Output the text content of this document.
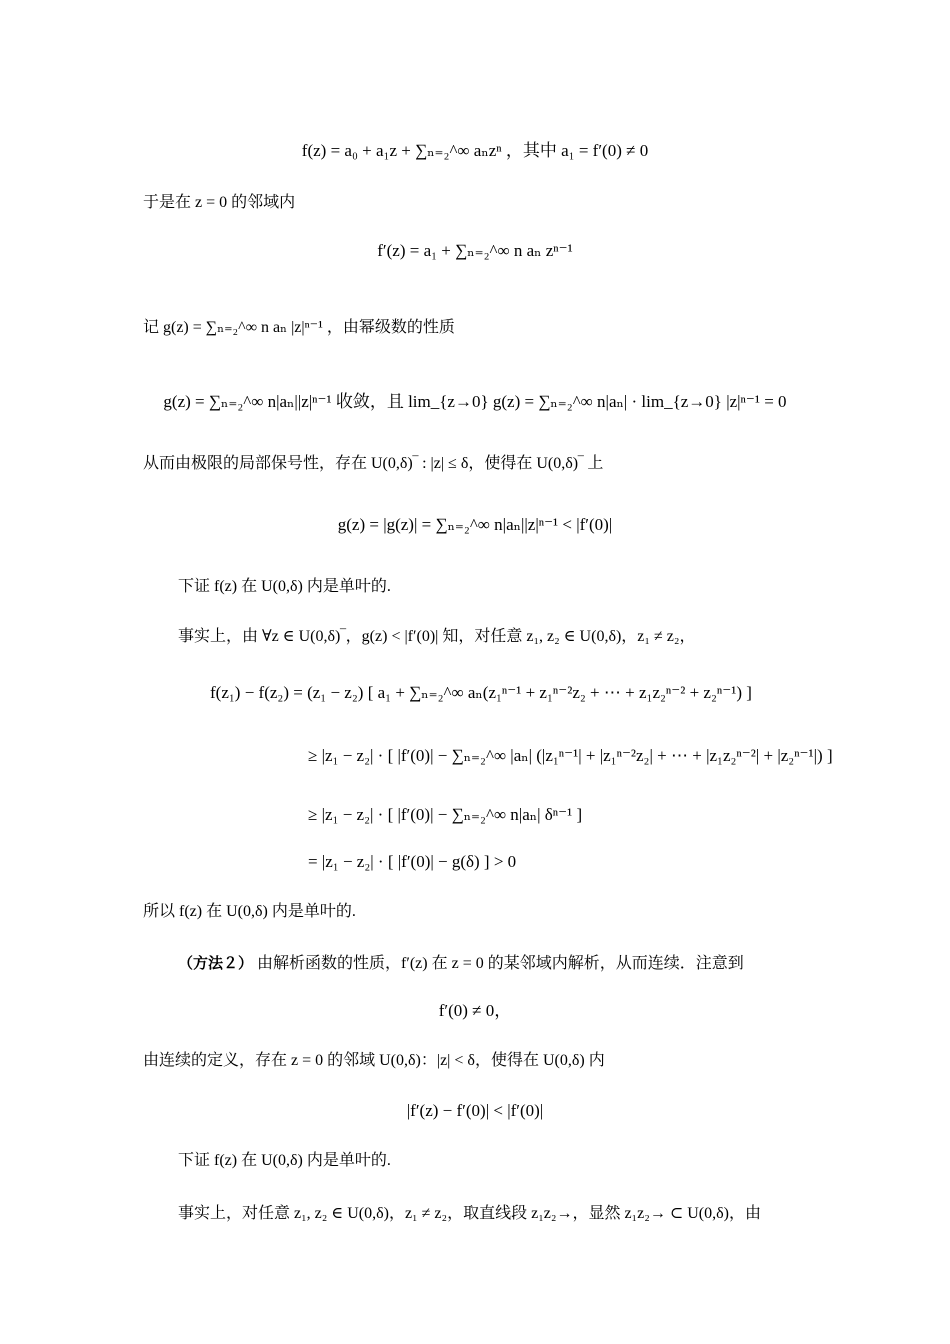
f(z) = a₀ + a₁z + ∑ₙ₌₂^∞ aₙzⁿ ，其中 a₁ = f′(0) ≠ 0
于是在 z = 0 的邻域内
f′(z) = a₁ + ∑ₙ₌₂^∞ n aₙ zⁿ⁻¹
记 g(z) = ∑ₙ₌₂^∞ n aₙ |z|ⁿ⁻¹ ，由幂级数的性质
g(z) = ∑ₙ₌₂^∞ n|aₙ||z|ⁿ⁻¹ 收敛，且 lim_{z→0} g(z) = ∑ₙ₌₂^∞ n|aₙ| · lim_{z→0} |z|ⁿ⁻¹ = 0
从而由极限的局部保号性，存在 U(0,δ)‾ : |z| ≤ δ，使得在 U(0,δ)‾ 上
g(z) = |g(z)| = ∑ₙ₌₂^∞ n|aₙ||z|ⁿ⁻¹ < |f′(0)|
下证 f(z) 在 U(0,δ) 内是单叶的.
事实上，由 ∀z ∈ U(0,δ)‾，g(z) < |f′(0)| 知，对任意 z₁, z₂ ∈ U(0,δ)，z₁ ≠ z₂，
f(z₁) − f(z₂) = (z₁ − z₂) [ a₁ + ∑ₙ₌₂^∞ aₙ(z₁ⁿ⁻¹ + z₁ⁿ⁻²z₂ + ⋯ + z₁z₂ⁿ⁻² + z₂ⁿ⁻¹) ]
≥ |z₁ − z₂| · [ |f′(0)| − ∑ₙ₌₂^∞ |aₙ| (|z₁ⁿ⁻¹| + |z₁ⁿ⁻²z₂| + ⋯ + |z₁z₂ⁿ⁻²| + |z₂ⁿ⁻¹|) ]
≥ |z₁ − z₂| · [ |f′(0)| − ∑ₙ₌₂^∞ n|aₙ| δⁿ⁻¹ ]
= |z₁ − z₂| · [ |f′(0)| − g(δ) ] > 0
所以 f(z) 在 U(0,δ) 内是单叶的.
（方法２） 由解析函数的性质，f′(z) 在 z = 0 的某邻域内解析，从而连续．注意到
f′(0) ≠ 0，
由连续的定义，存在 z = 0 的邻域 U(0,δ)：|z| < δ，使得在 U(0,δ) 内
|f′(z) − f′(0)| < |f′(0)|
下证 f(z) 在 U(0,δ) 内是单叶的.
事实上，对任意 z₁, z₂ ∈ U(0,δ)，z₁ ≠ z₂，取直线段 z₁z₂→，显然 z₁z₂→ ⊂ U(0,δ)，由
